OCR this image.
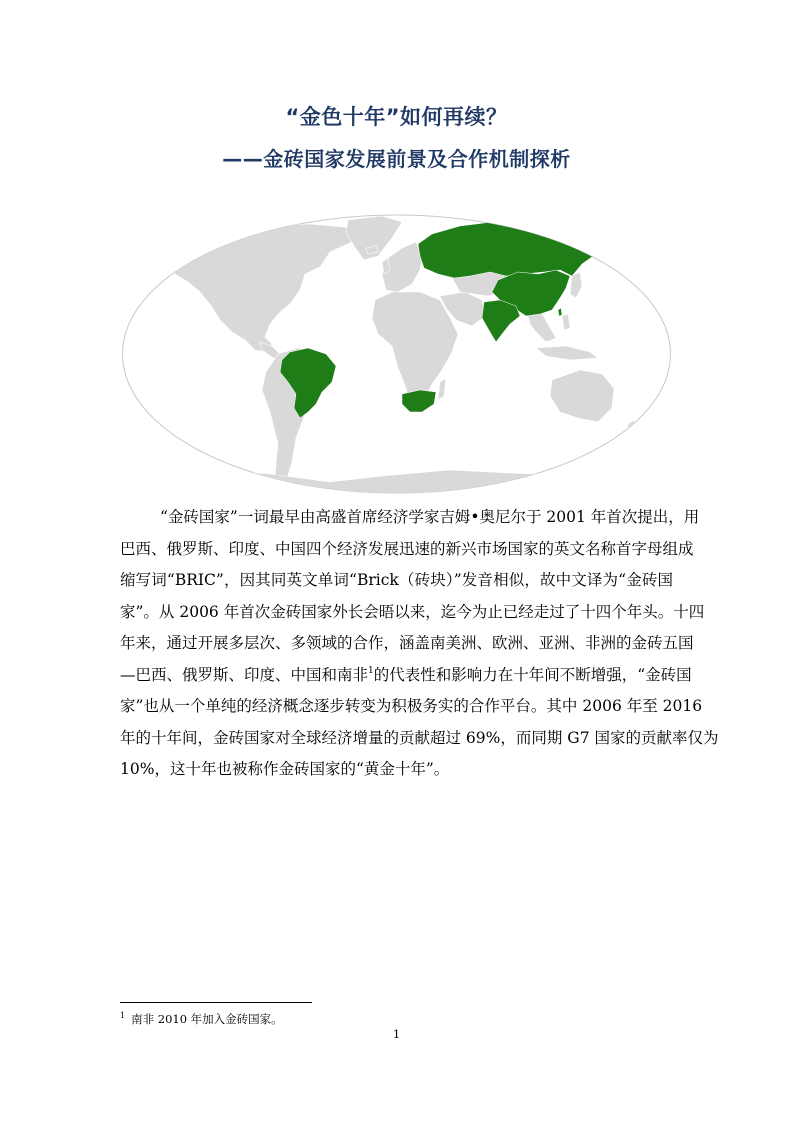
“金色十年”如何再续？
——金砖国家发展前景及合作机制探析
“金砖国家”一词最早由高盛首席经济学家吉姆•奥尼尔于 2001 年首次提出，用
巴西、俄罗斯、印度、中国四个经济发展迅速的新兴市场国家的英文名称首字母组成
缩写词“BRIC”，因其同英文单词“Brick（砖块）”发音相似，故中文译为“金砖国
家”。从 2006 年首次金砖国家外长会晤以来，迄今为止已经走过了十四个年头。十四
年来，通过开展多层次、多领域的合作，涵盖南美洲、欧洲、亚洲、非洲的金砖五国
—巴西、俄罗斯、印度、中国和南非$^1$的代表性和影响力在十年间不断增强，“金砖国
家”也从一个单纯的经济概念逐步转变为积极务实的合作平台。其中 2006 年至 2016
年的十年间，金砖国家对全球经济增量的贡献超过 69%，而同期 G7 国家的贡献率仅为
10%，这十年也被称作金砖国家的“黄金十年”。
$^1$ 南非 2010 年加入金砖国家。
1
